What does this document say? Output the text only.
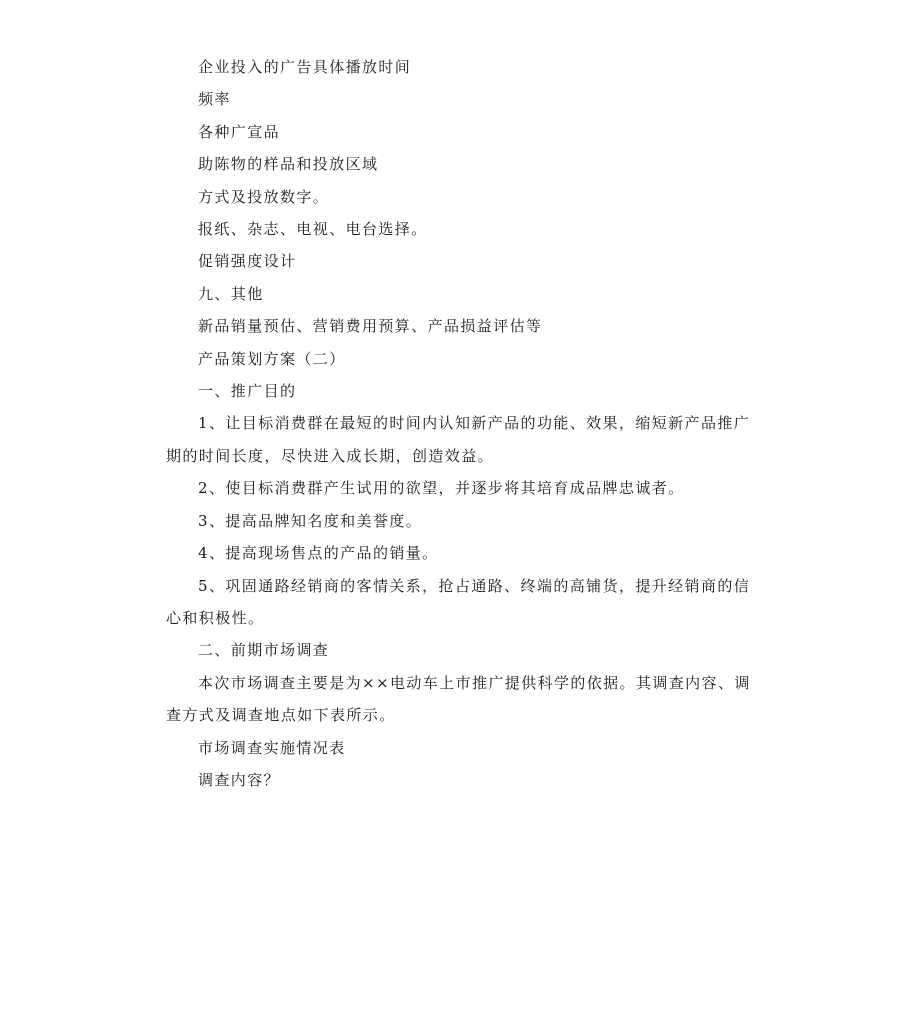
企业投入的广告具体播放时间

频率

各种广宣品

助陈物的样品和投放区域

方式及投放数字。

报纸、杂志、电视、电台选择。

促销强度设计

九、其他

新品销量预估、营销费用预算、产品损益评估等

产品策划方案（二）

一、推广目的

1、让目标消费群在最短的时间内认知新产品的功能、效果，缩短新产品推广期的时间长度，尽快进入成长期，创造效益。

2、使目标消费群产生试用的欲望，并逐步将其培育成品牌忠诚者。

3、提高品牌知名度和美誉度。

4、提高现场售点的产品的销量。

5、巩固通路经销商的客情关系，抢占通路、终端的高铺货，提升经销商的信心和积极性。

二、前期市场调查

本次市场调查主要是为××电动车上市推广提供科学的依据。其调查内容、调查方式及调查地点如下表所示。

市场调查实施情况表

调查内容？
